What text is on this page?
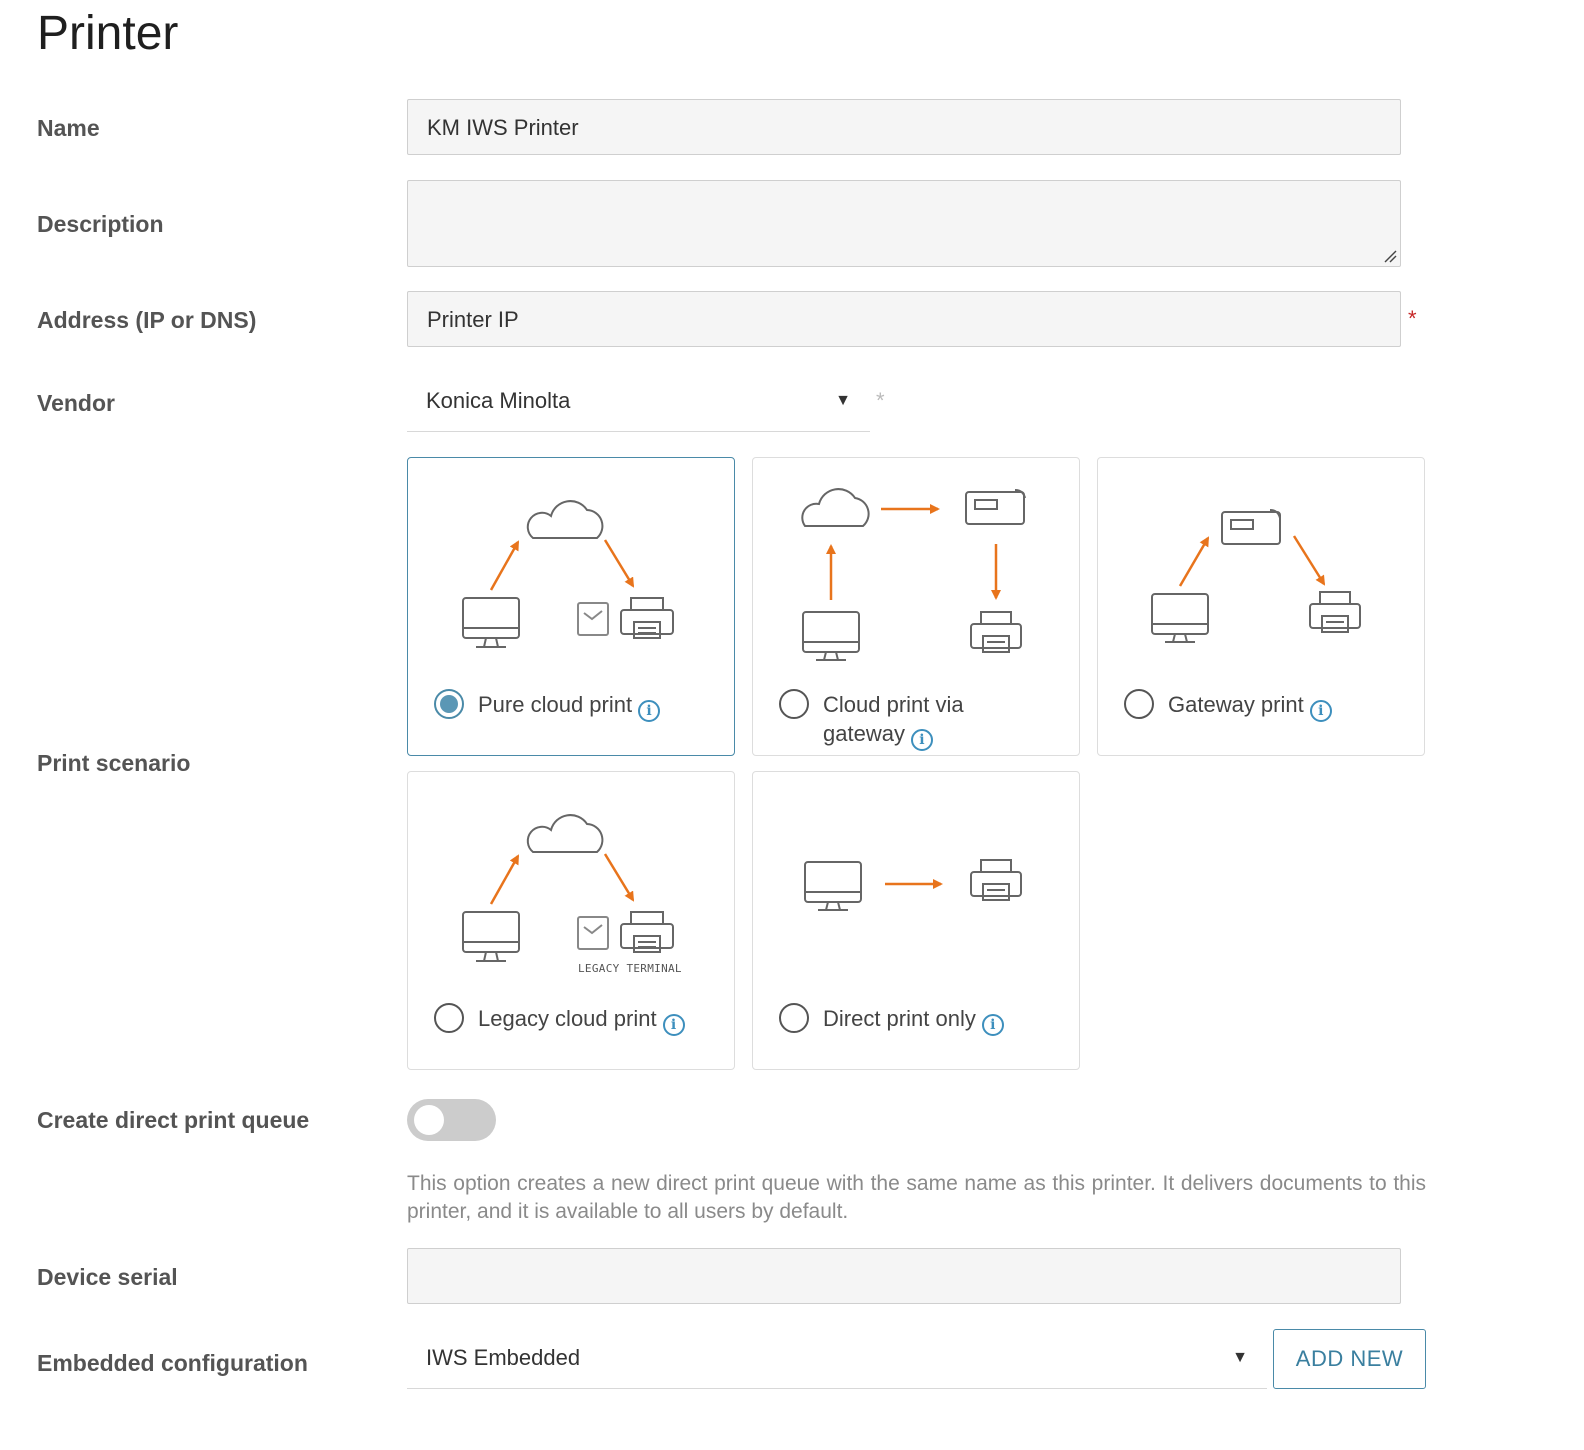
Printer
Name	KM IWS Printer
Description
Address (IP or DNS)	Printer IP	*
Vendor	Konica Minolta	▼ *
Print scenario
Pure cloud print i	Cloud print via gateway i
Gateway print i
LEGACY TERMINAL
Legacy cloud print i	Direct print only i
Create direct print queue
This option creates a new direct print queue with the same name as this printer. It delivers documents to this printer, and it is available to all users by default.
Device serial
Embedded configuration	IWS Embedded	▼	ADD NEW
